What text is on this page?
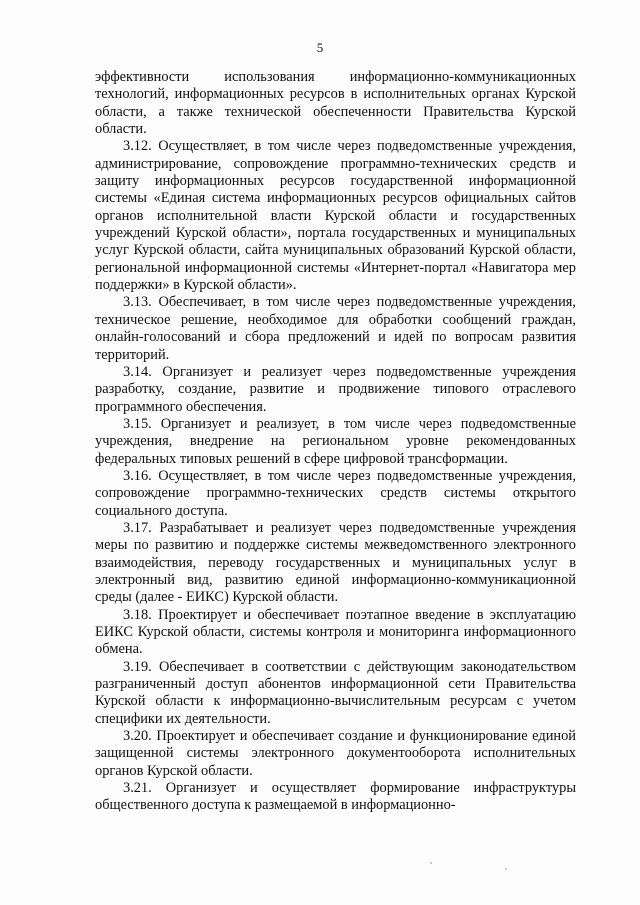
5

эффективности использования информационно-коммуникационных технологий, информационных ресурсов в исполнительных органах Курской области, а также технической обеспеченности Правительства Курской области.

3.12. Осуществляет, в том числе через подведомственные учреждения, администрирование, сопровождение программно-технических средств и защиту информационных ресурсов государственной информационной системы «Единая система информационных ресурсов официальных сайтов органов исполнительной власти Курской области и государственных учреждений Курской области», портала государственных и муниципальных услуг Курской области, сайта муниципальных образований Курской области, региональной информационной системы «Интернет-портал «Навигатора мер поддержки» в Курской области».

3.13. Обеспечивает, в том числе через подведомственные учреждения, техническое решение, необходимое для обработки сообщений граждан, онлайн-голосований и сбора предложений и идей по вопросам развития территорий.

3.14. Организует и реализует через подведомственные учреждения разработку, создание, развитие и продвижение типового отраслевого программного обеспечения.

3.15. Организует и реализует, в том числе через подведомственные учреждения, внедрение на региональном уровне рекомендованных федеральных типовых решений в сфере цифровой трансформации.

3.16. Осуществляет, в том числе через подведомственные учреждения, сопровождение программно-технических средств системы открытого социального доступа.

3.17. Разрабатывает и реализует через подведомственные учреждения меры по развитию и поддержке системы межведомственного электронного взаимодействия, переводу государственных и муниципальных услуг в электронный вид, развитию единой информационно-коммуникационной среды (далее - ЕИКС) Курской области.

3.18. Проектирует и обеспечивает поэтапное введение в эксплуатацию ЕИКС Курской области, системы контроля и мониторинга информационного обмена.

3.19. Обеспечивает в соответствии с действующим законодательством разграниченный доступ абонентов информационной сети Правительства Курской области к информационно-вычислительным ресурсам с учетом специфики их деятельности.

3.20. Проектирует и обеспечивает создание и функционирование единой защищенной системы электронного документооборота исполнительных органов Курской области.

3.21. Организует и осуществляет формирование инфраструктуры общественного доступа к размещаемой в информационно-
